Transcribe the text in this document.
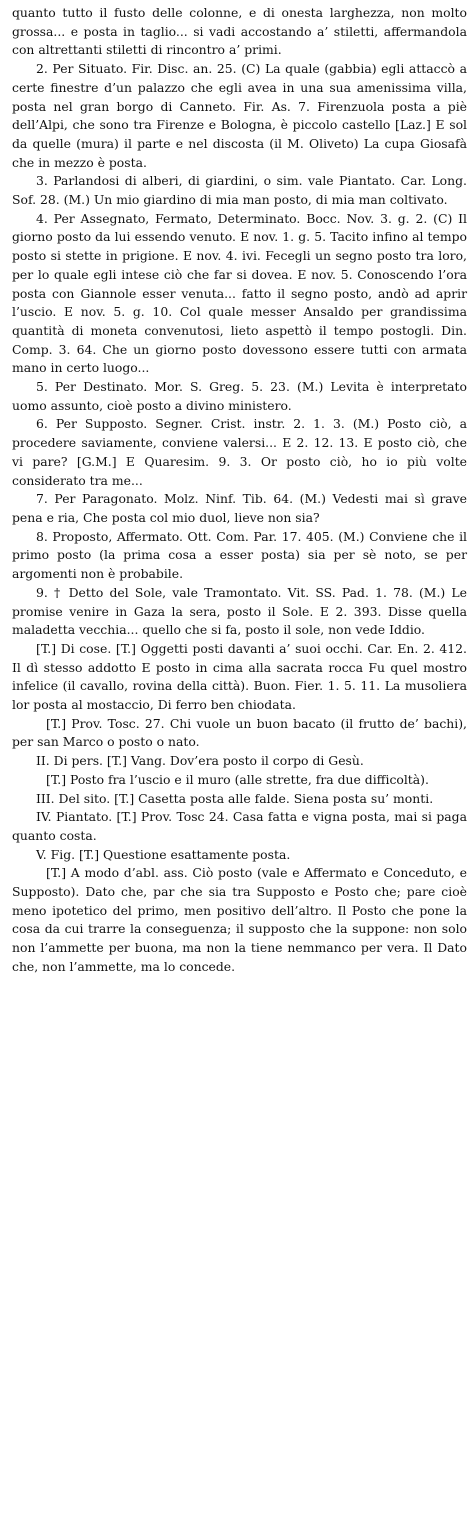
quanto tutto il fusto delle colonne, e di onesta larghezza, non molto grossa... e posta in taglio... si vadi accostando a’ stiletti, affermandola con altrettanti stiletti di rincontro a’ primi.

2. Per Situato. Fir. Disc. an. 25. (C) La quale (gabbia) egli attaccò a certe finestre d’un palazzo che egli avea in una sua amenissima villa, posta nel gran borgo di Canneto. Fir. As. 7. Firenzuola posta a piè dell’Alpi, che sono tra Firenze e Bologna, è piccolo castello [Laz.] E sol da quelle (mura) il parte e nel discosta (il M. Oliveto) La cupa Giosafà che in mezzo è posta.

3. Parlandosi di alberi, di giardini, o sim. vale Piantato. Car. Long. Sof. 28. (M.) Un mio giardino di mia man posto, di mia man coltivato.

4. Per Assegnato, Fermato, Determinato. Bocc. Nov. 3. g. 2. (C) Il giorno posto da lui essendo venuto. E nov. 1. g. 5. Tacito infino al tempo posto si stette in prigione. E nov. 4. ivi. Fecegli un segno posto tra loro, per lo quale egli intese ciò che far si dovea. E nov. 5. Conoscendo l’ora posta con Giannole esser venuta... fatto il segno posto, andò ad aprir l’uscio. E nov. 5. g. 10. Col quale messer Ansaldo per grandissima quantità di moneta convenutosi, lieto aspettò il tempo postogli. Din. Comp. 3. 64. Che un giorno posto dovessono essere tutti con armata mano in certo luogo...

5. Per Destinato. Mor. S. Greg. 5. 23. (M.) Levita è interpretato uomo assunto, cioè posto a divino ministero.

6. Per Supposto. Segner. Crist. instr. 2. 1. 3. (M.) Posto ciò, a procedere saviamente, conviene valersi... E 2. 12. 13. E posto ciò, che vi pare? [G.M.] E Quaresim. 9. 3. Or posto ciò, ho io più volte considerato tra me...

7. Per Paragonato. Molz. Ninf. Tib. 64. (M.) Vedesti mai sì grave pena e ria, Che posta col mio duol, lieve non sia?

8. Proposto, Affermato. Ott. Com. Par. 17. 405. (M.) Conviene che il primo posto (la prima cosa a esser posta) sia per sè noto, se per argomenti non è probabile.

9. † Detto del Sole, vale Tramontato. Vit. SS. Pad. 1. 78. (M.) Le promise venire in Gaza la sera, posto il Sole. E 2. 393. Disse quella maladetta vecchia... quello che si fa, posto il sole, non vede Iddio.

[T.] Di cose. [T.] Oggetti posti davanti a’ suoi occhi. Car. En. 2. 412. Il dì stesso addotto E posto in cima alla sacrata rocca Fu quel mostro infelice (il cavallo, rovina della città). Buon. Fier. 1. 5. 11. La musoliera lor posta al mostaccio, Di ferro ben chiodata.

[T.] Prov. Tosc. 27. Chi vuole un buon bacato (il frutto de’ bachi), per san Marco o posto o nato.

II. Di pers. [T.] Vang. Dov’era posto il corpo di Gesù.

[T.] Posto fra l’uscio e il muro (alle strette, fra due difficoltà).

III. Del sito. [T.] Casetta posta alle falde. Siena posta su’ monti.

IV. Piantato. [T.] Prov. Tosc 24. Casa fatta e vigna posta, mai si paga quanto costa.

V. Fig. [T.] Questione esattamente posta.

[T.] A modo d’abl. ass. Ciò posto (vale e Affermato e Conceduto, e Supposto). Dato che, par che sia tra Supposto e Posto che; pare cioè meno ipotetico del primo, men positivo dell’altro. Il Posto che pone la cosa da cui trarre la conseguenza; il supposto che la suppone: non solo non l’ammette per buona, ma non la tiene nemmanco per vera. Il Dato che, non l’ammette, ma lo concede.
